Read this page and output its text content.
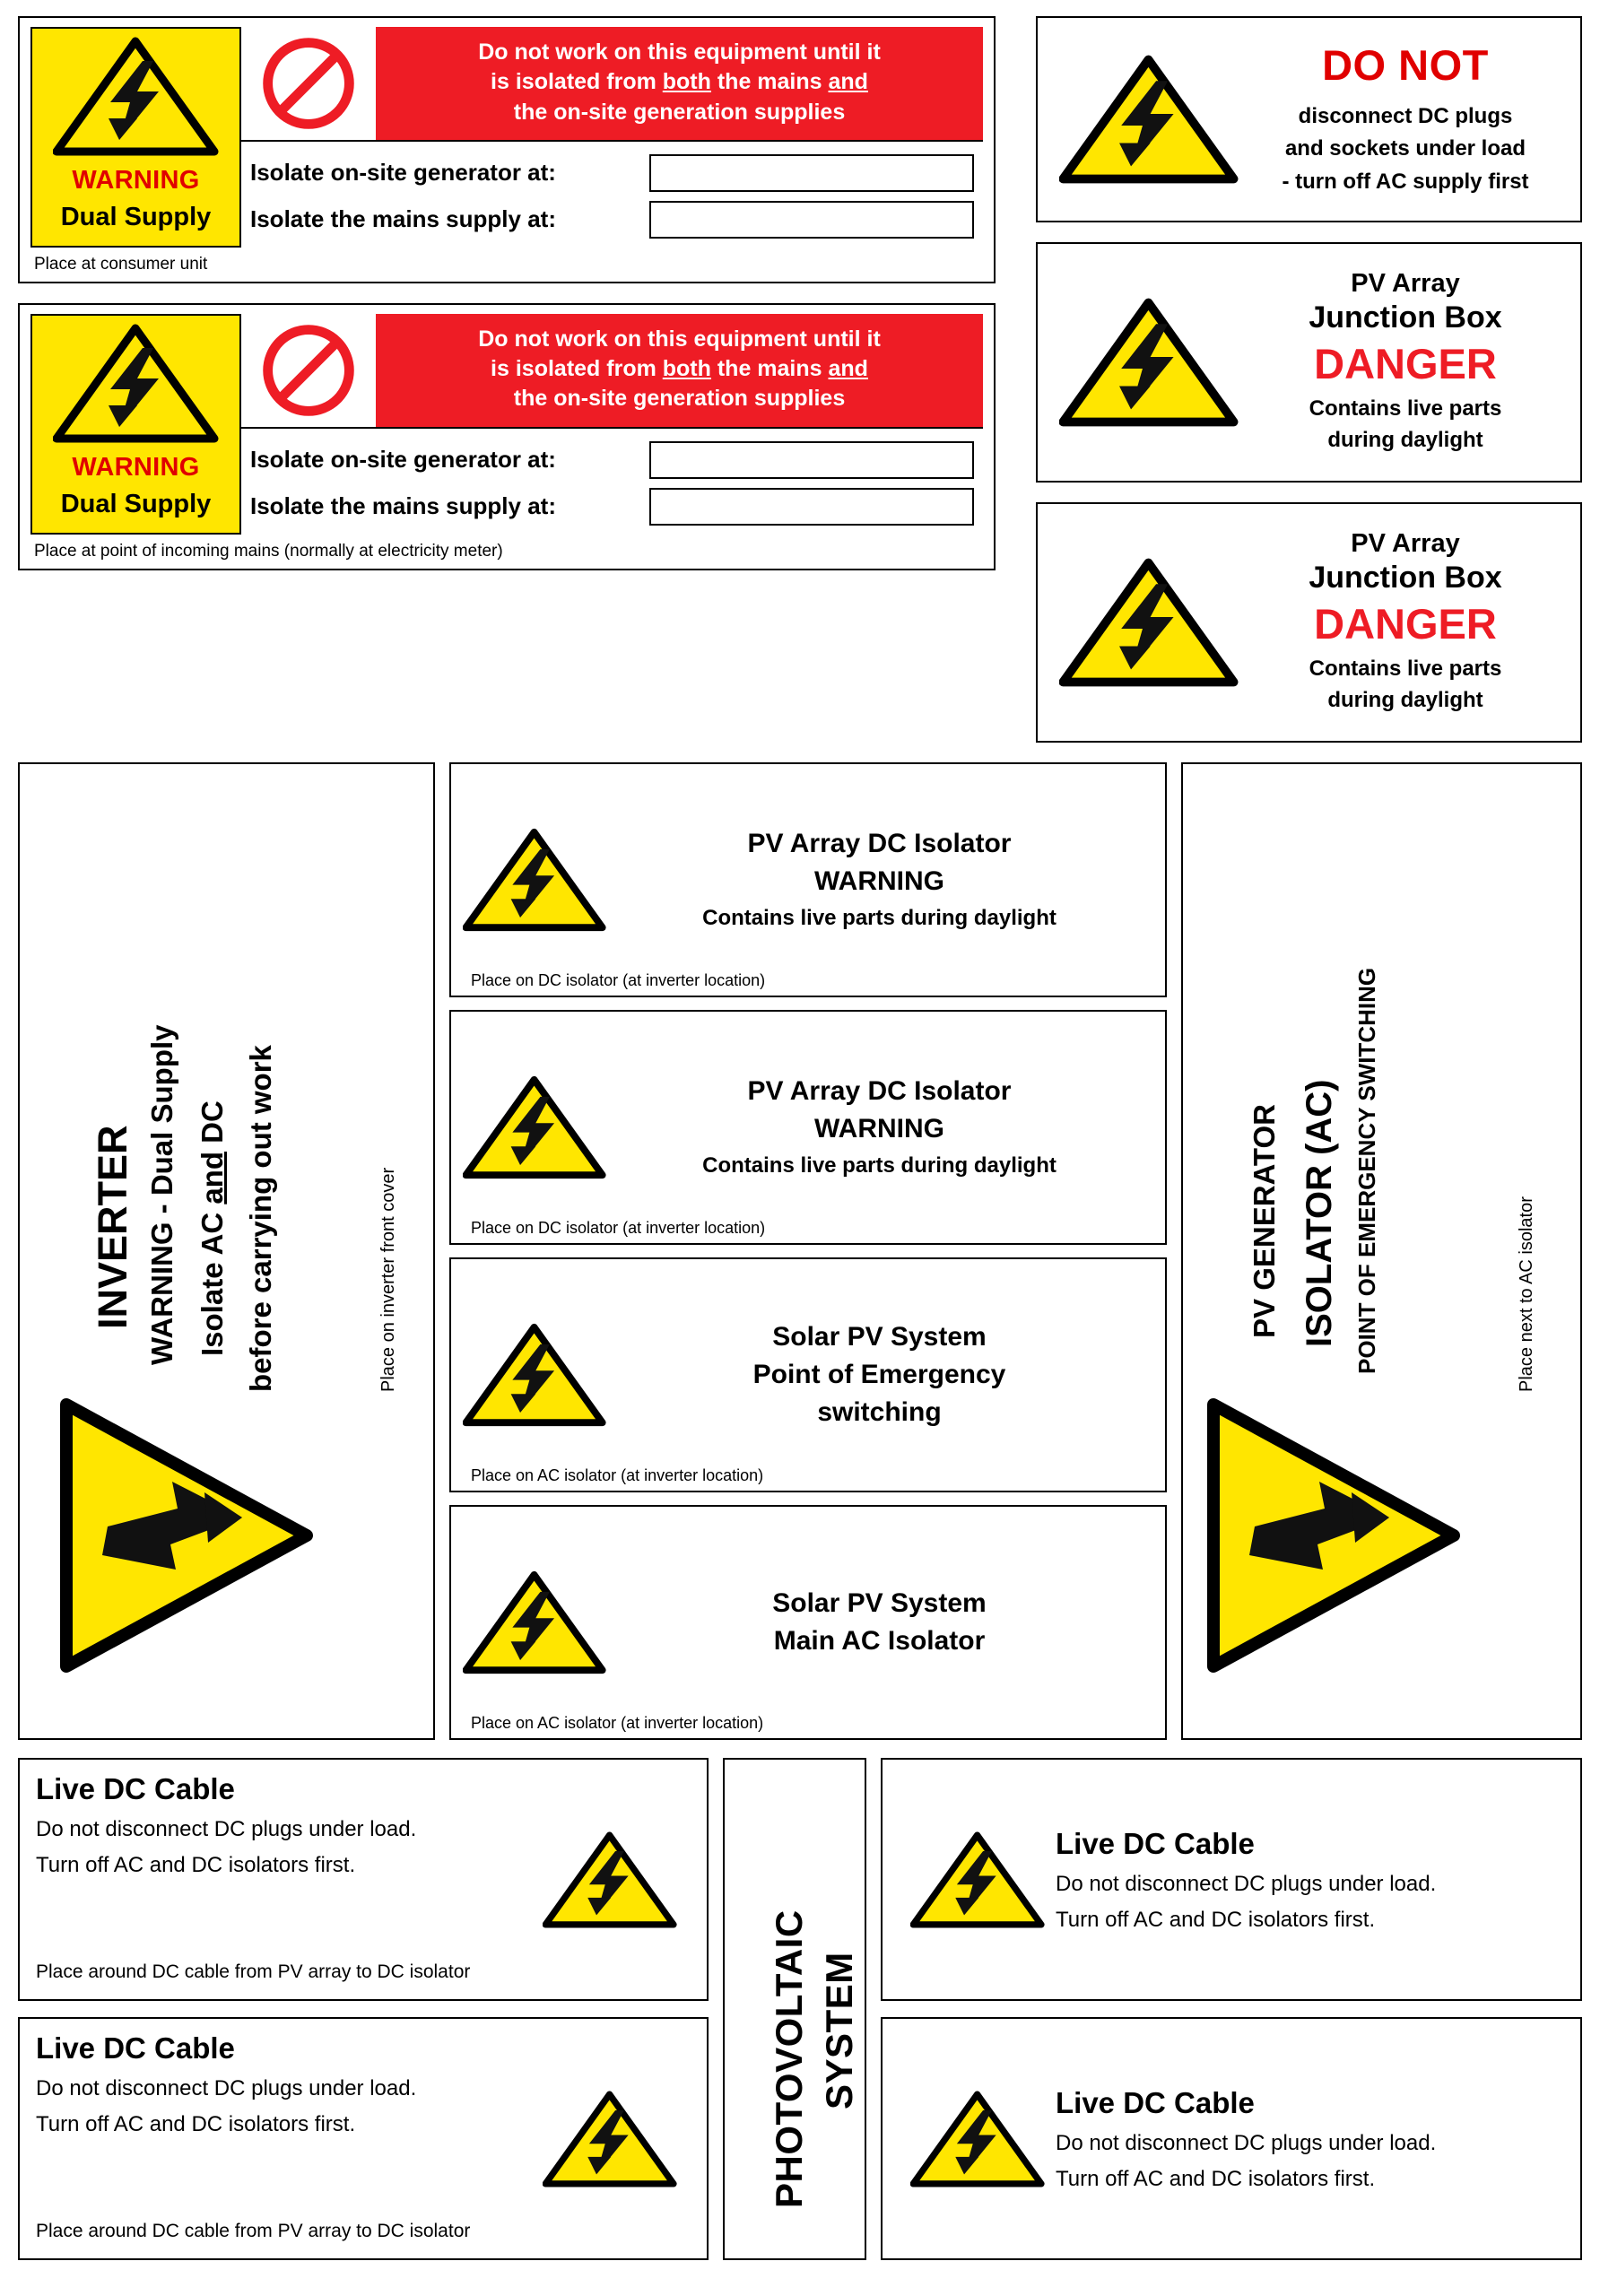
WARNING
Dual Supply
Do not work on this equipment until it
is isolated from both the mains and
the on-site generation supplies
Isolate on-site generator at:
Isolate the mains supply at:
Place at consumer unit
WARNING
Dual Supply
Do not work on this equipment until it
is isolated from both the mains and
the on-site generation supplies
Isolate on-site generator at:
Isolate the mains supply at:
Place at point of incoming mains (normally at electricity meter)
DO NOT
disconnect DC plugs
and sockets under load
- turn off AC supply first
PV Array
Junction Box
DANGER
Contains live parts
during daylight
PV Array
Junction Box
DANGER
Contains live parts
during daylight
INVERTER WARNING - Dual Supply Isolate AC and DC before carrying out work	Place on inverter front cover
PV Array DC Isolator
WARNING
Contains live parts during daylight
Place on DC isolator (at inverter location)
PV Array DC Isolator
WARNING
Contains live parts during daylight
Place on DC isolator (at inverter location)
Solar PV System
Point of Emergency
switching
Place on AC isolator (at inverter location)
Solar PV System
Main AC Isolator
Place on AC isolator (at inverter location)
PV GENERATOR ISOLATOR (AC) POINT OF EMERGENCY SWITCHING	Place next to AC isolator
Live DC Cable
Do not disconnect DC plugs under load.
Turn off AC and DC isolators first.
Place around DC cable from PV array to DC isolator
Live DC Cable
Do not disconnect DC plugs under load.
Turn off AC and DC isolators first.
Place around DC cable from PV array to DC isolator
PHOTOVOLTAIC SYSTEM
Live DC Cable
Do not disconnect DC plugs under load.
Turn off AC and DC isolators first.
Live DC Cable
Do not disconnect DC plugs under load.
Turn off AC and DC isolators first.
